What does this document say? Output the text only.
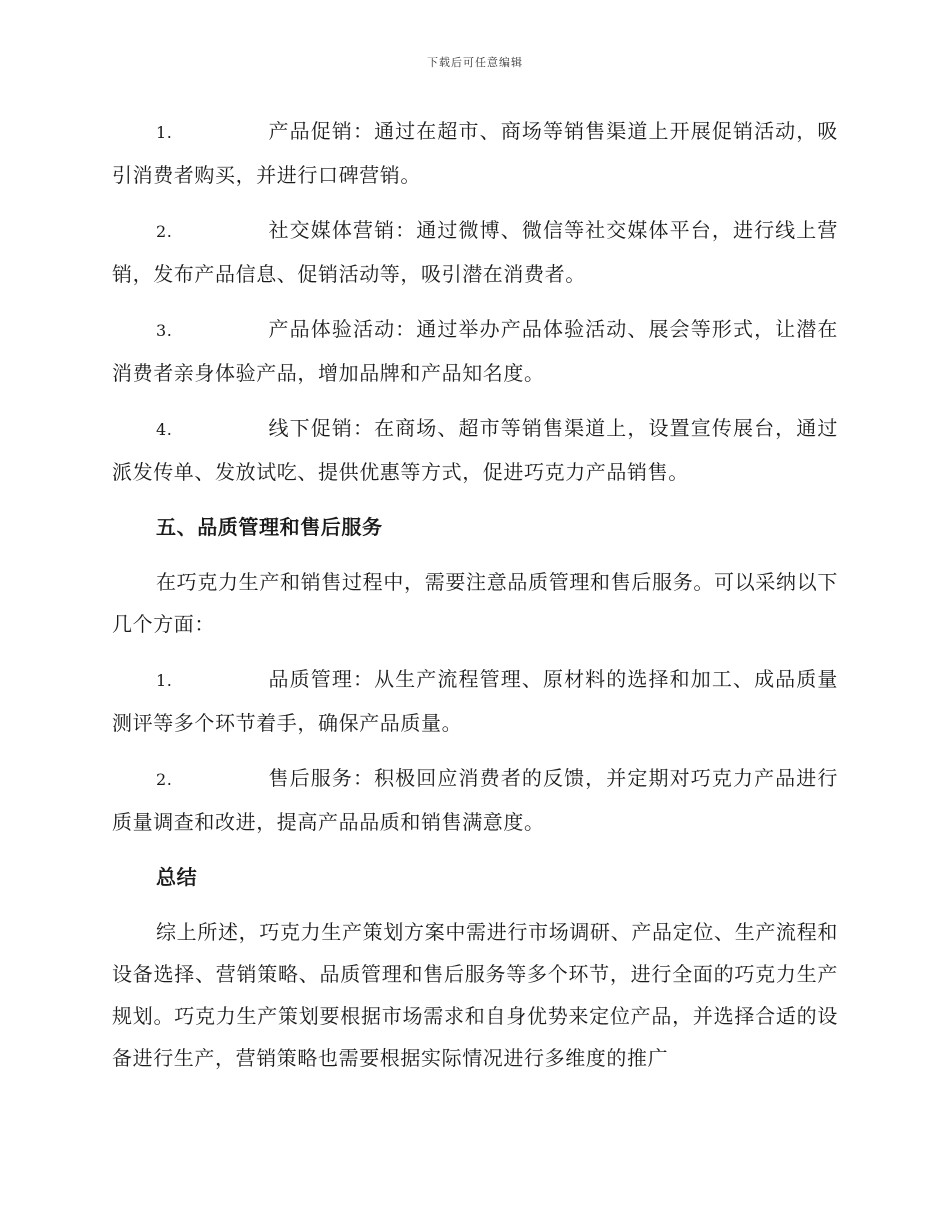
下载后可任意编辑

1.	产品促销：通过在超市、商场等销售渠道上开展促销活动，吸引消费者购买，并进行口碑营销。

2.	社交媒体营销：通过微博、微信等社交媒体平台，进行线上营销，发布产品信息、促销活动等，吸引潜在消费者。

3.	产品体验活动：通过举办产品体验活动、展会等形式，让潜在消费者亲身体验产品，增加品牌和产品知名度。

4.	线下促销：在商场、超市等销售渠道上，设置宣传展台，通过派发传单、发放试吃、提供优惠等方式，促进巧克力产品销售。

五、品质管理和售后服务

在巧克力生产和销售过程中，需要注意品质管理和售后服务。可以采纳以下几个方面：

1.	品质管理：从生产流程管理、原材料的选择和加工、成品质量测评等多个环节着手，确保产品质量。

2.	售后服务：积极回应消费者的反馈，并定期对巧克力产品进行质量调查和改进，提高产品品质和销售满意度。

总结

综上所述，巧克力生产策划方案中需进行市场调研、产品定位、生产流程和设备选择、营销策略、品质管理和售后服务等多个环节，进行全面的巧克力生产规划。巧克力生产策划要根据市场需求和自身优势来定位产品，并选择合适的设备进行生产，营销策略也需要根据实际情况进行多维度的推广
